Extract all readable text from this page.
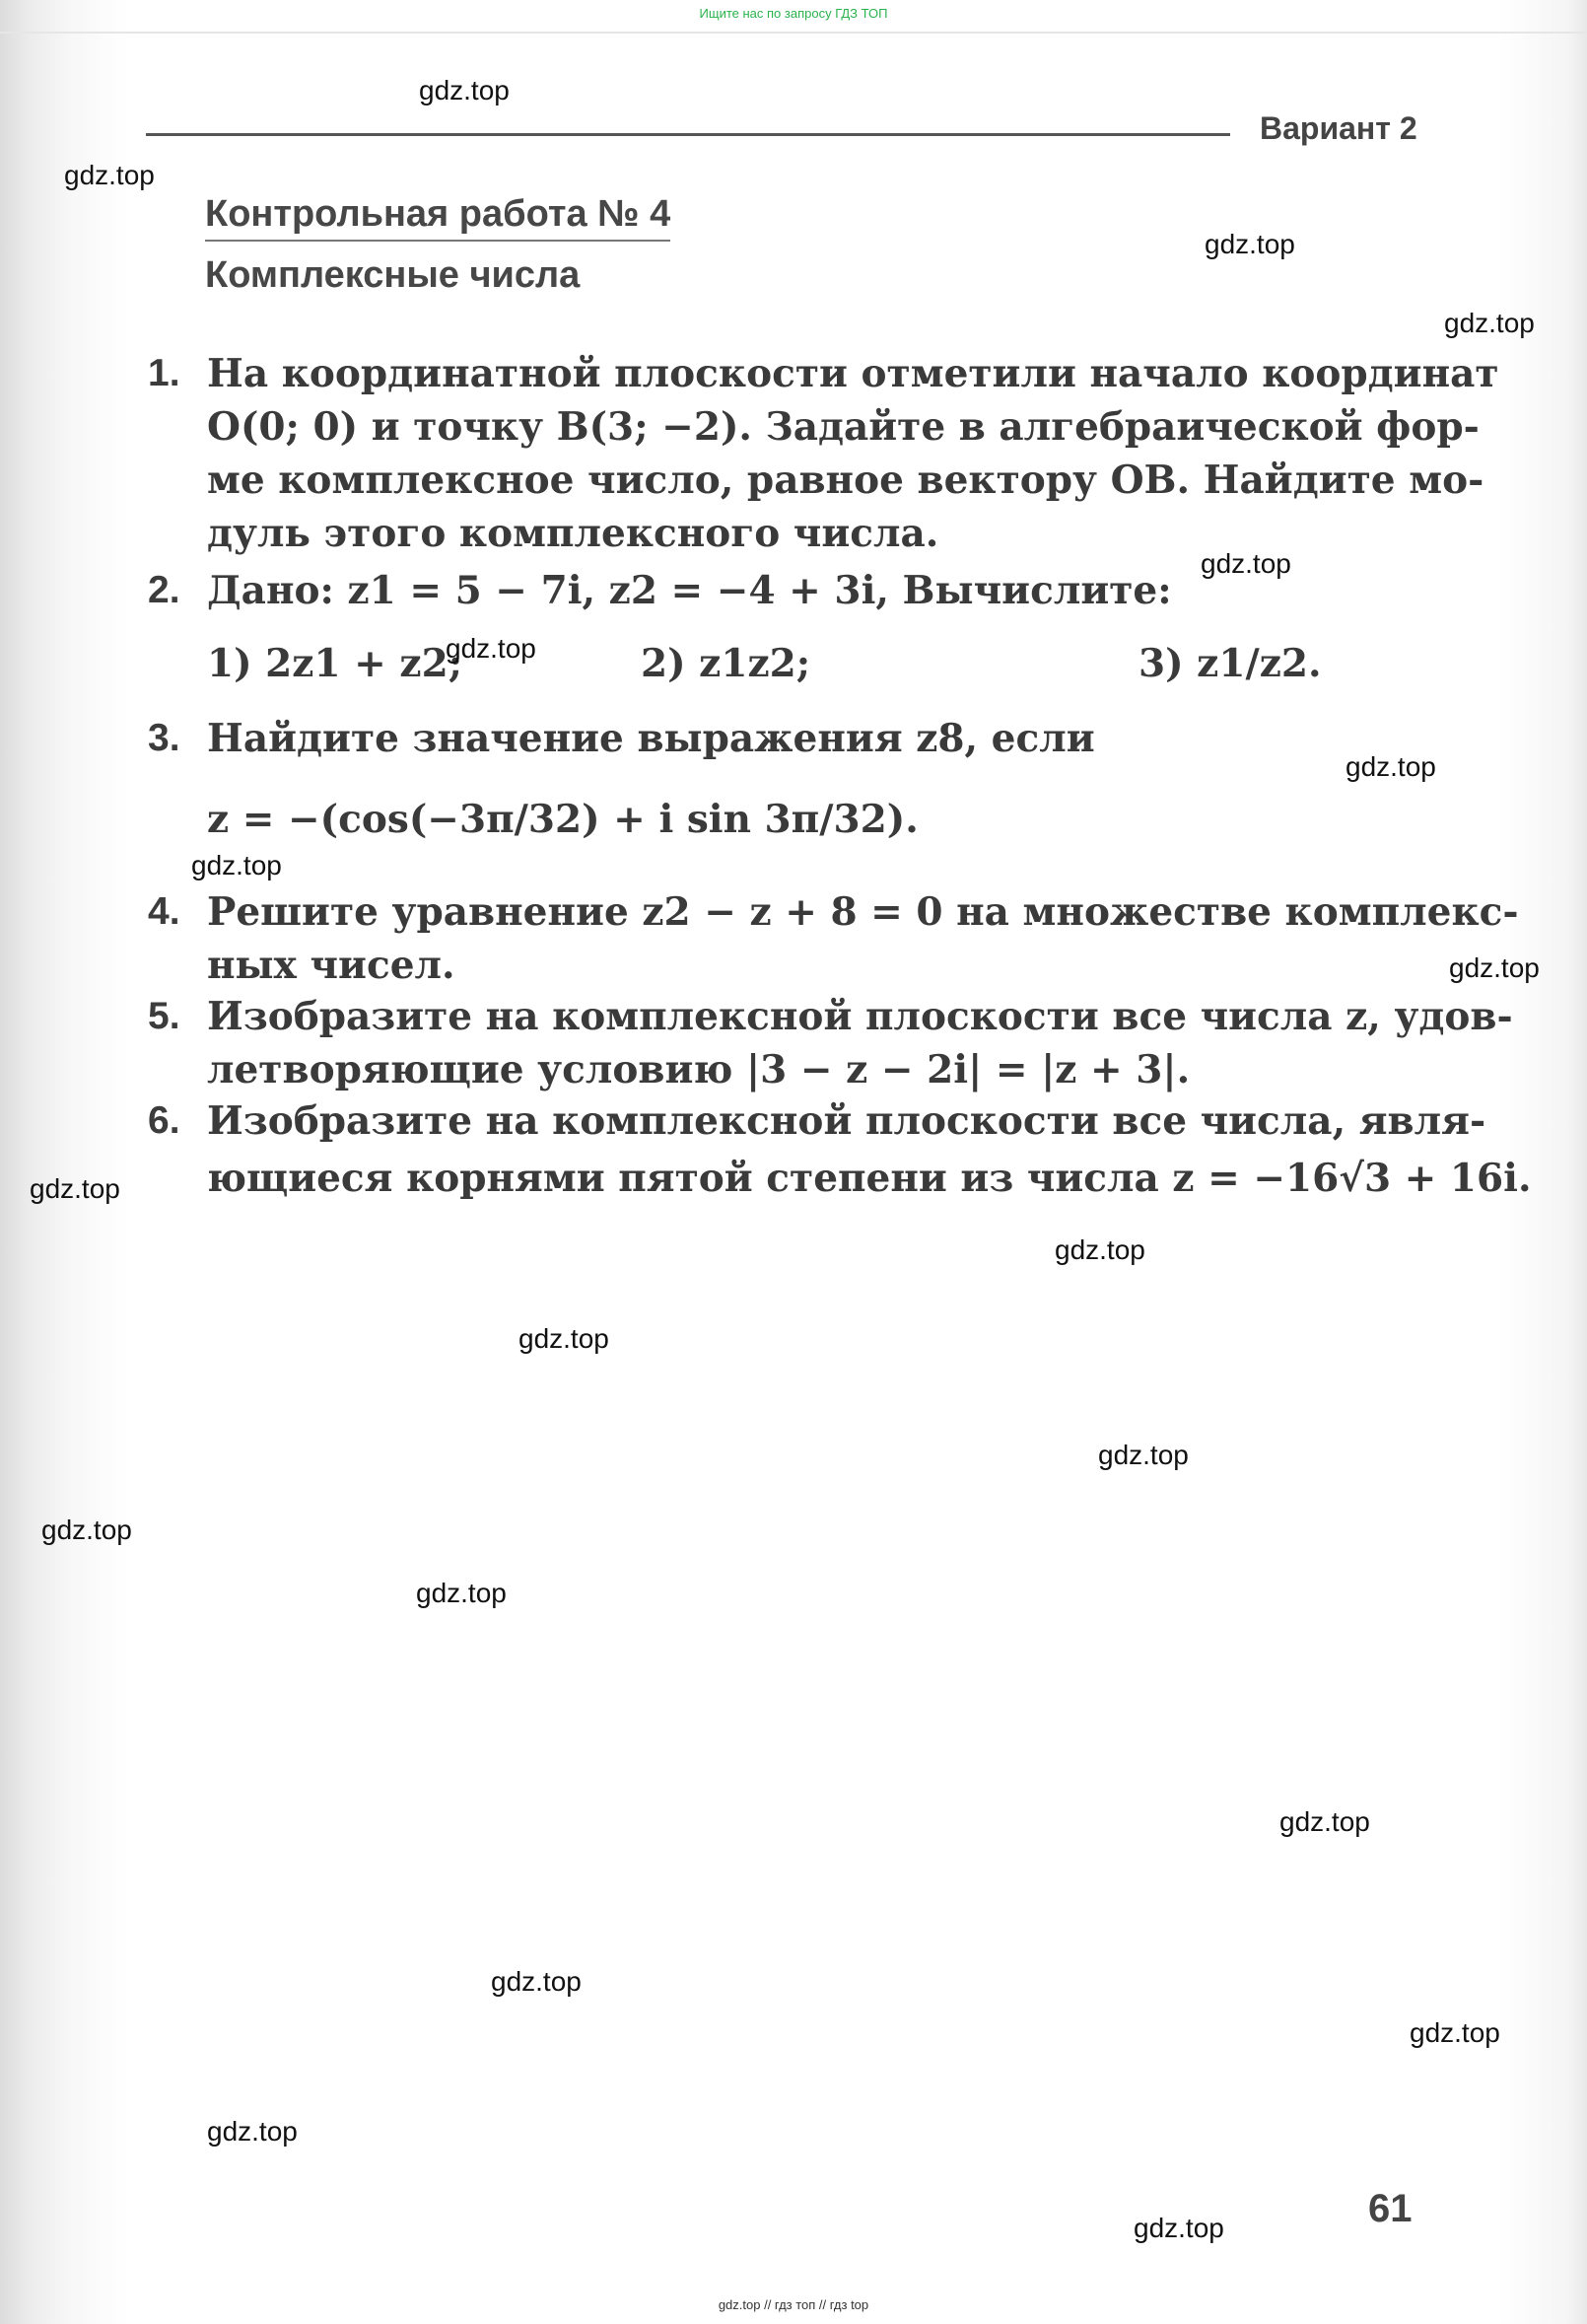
Ищите нас по запросу ГДЗ ТОП
Вариант 2
Контрольная работа № 4
Комплексные числа
1. На координатной плоскости отметили начало координат
O(0; 0) и точку B(3; −2). Задайте в алгебраической фор-
ме комплексное число, равное вектору OB. Найдите мо-
дуль этого комплексного числа.
2. Дано: z1 = 5 − 7i, z2 = −4 + 3i, Вычислите:
1) 2z1 + z2;	2) z1z2;	3) z1/z2.
3. Найдите значение выражения z8, если
z = −(cos(−3π/32) + i sin 3π/32).
4. Решите уравнение z2 − z + 8 = 0 на множестве комплекс-
ных чисел.
5. Изобразите на комплексной плоскости все числа z, удов-
летворяющие условию |3 − z − 2i| = |z + 3|.
6. Изобразите на комплексной плоскости все числа, явля-
ющиеся корнями пятой степени из числа z = −16√3 + 16i.
gdz.top
gdz.top
gdz.top
gdz.top
gdz.top
gdz.top
gdz.top
gdz.top
gdz.top
gdz.top
gdz.top
gdz.top
gdz.top
gdz.top
gdz.top
gdz.top
gdz.top
gdz.top
gdz.top
gdz.top	61
gdz.top // гдз топ // гдз top
